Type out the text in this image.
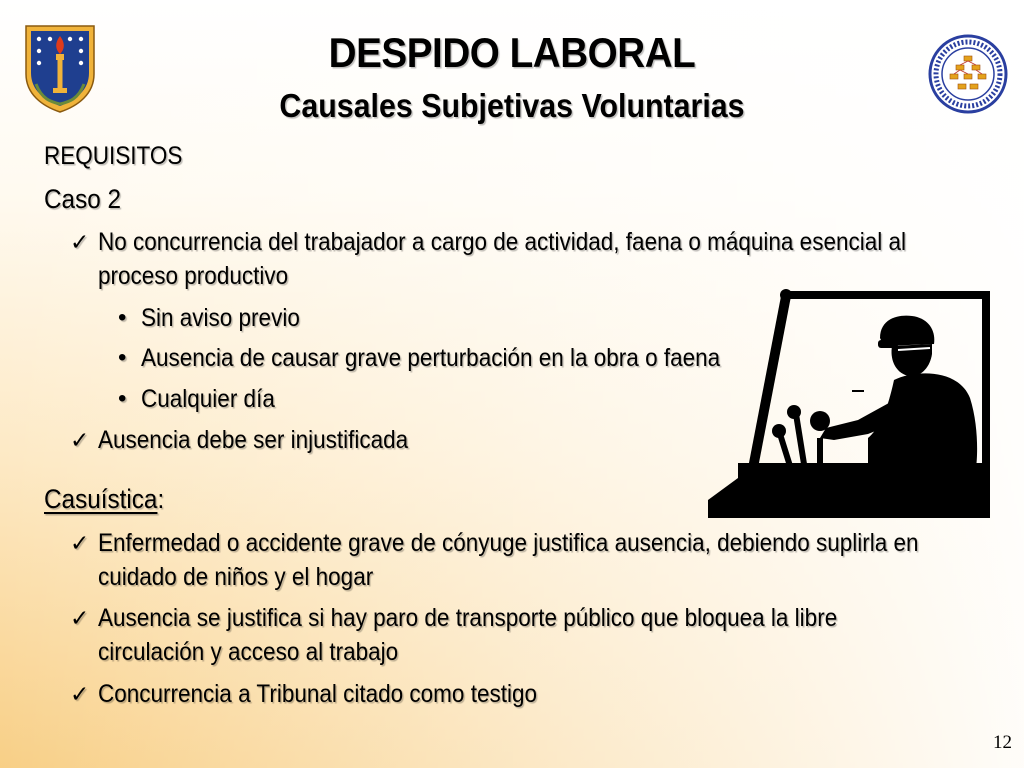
DESPIDO LABORAL
Causales Subjetivas Voluntarias
REQUISITOS
Caso 2
✓ No concurrencia del trabajador a cargo de actividad, faena o máquina esencial al
proceso productivo
• Sin aviso previo
• Ausencia de causar grave perturbación en la obra o faena
• Cualquier día
✓ Ausencia debe ser injustificada
Casuística:
✓ Enfermedad o accidente grave de cónyuge justifica ausencia, debiendo suplirla en
cuidado de niños y el hogar
✓ Ausencia se justifica si hay paro de transporte público que bloquea la libre
circulación y acceso al trabajo
✓ Concurrencia a Tribunal citado como testigo
12
